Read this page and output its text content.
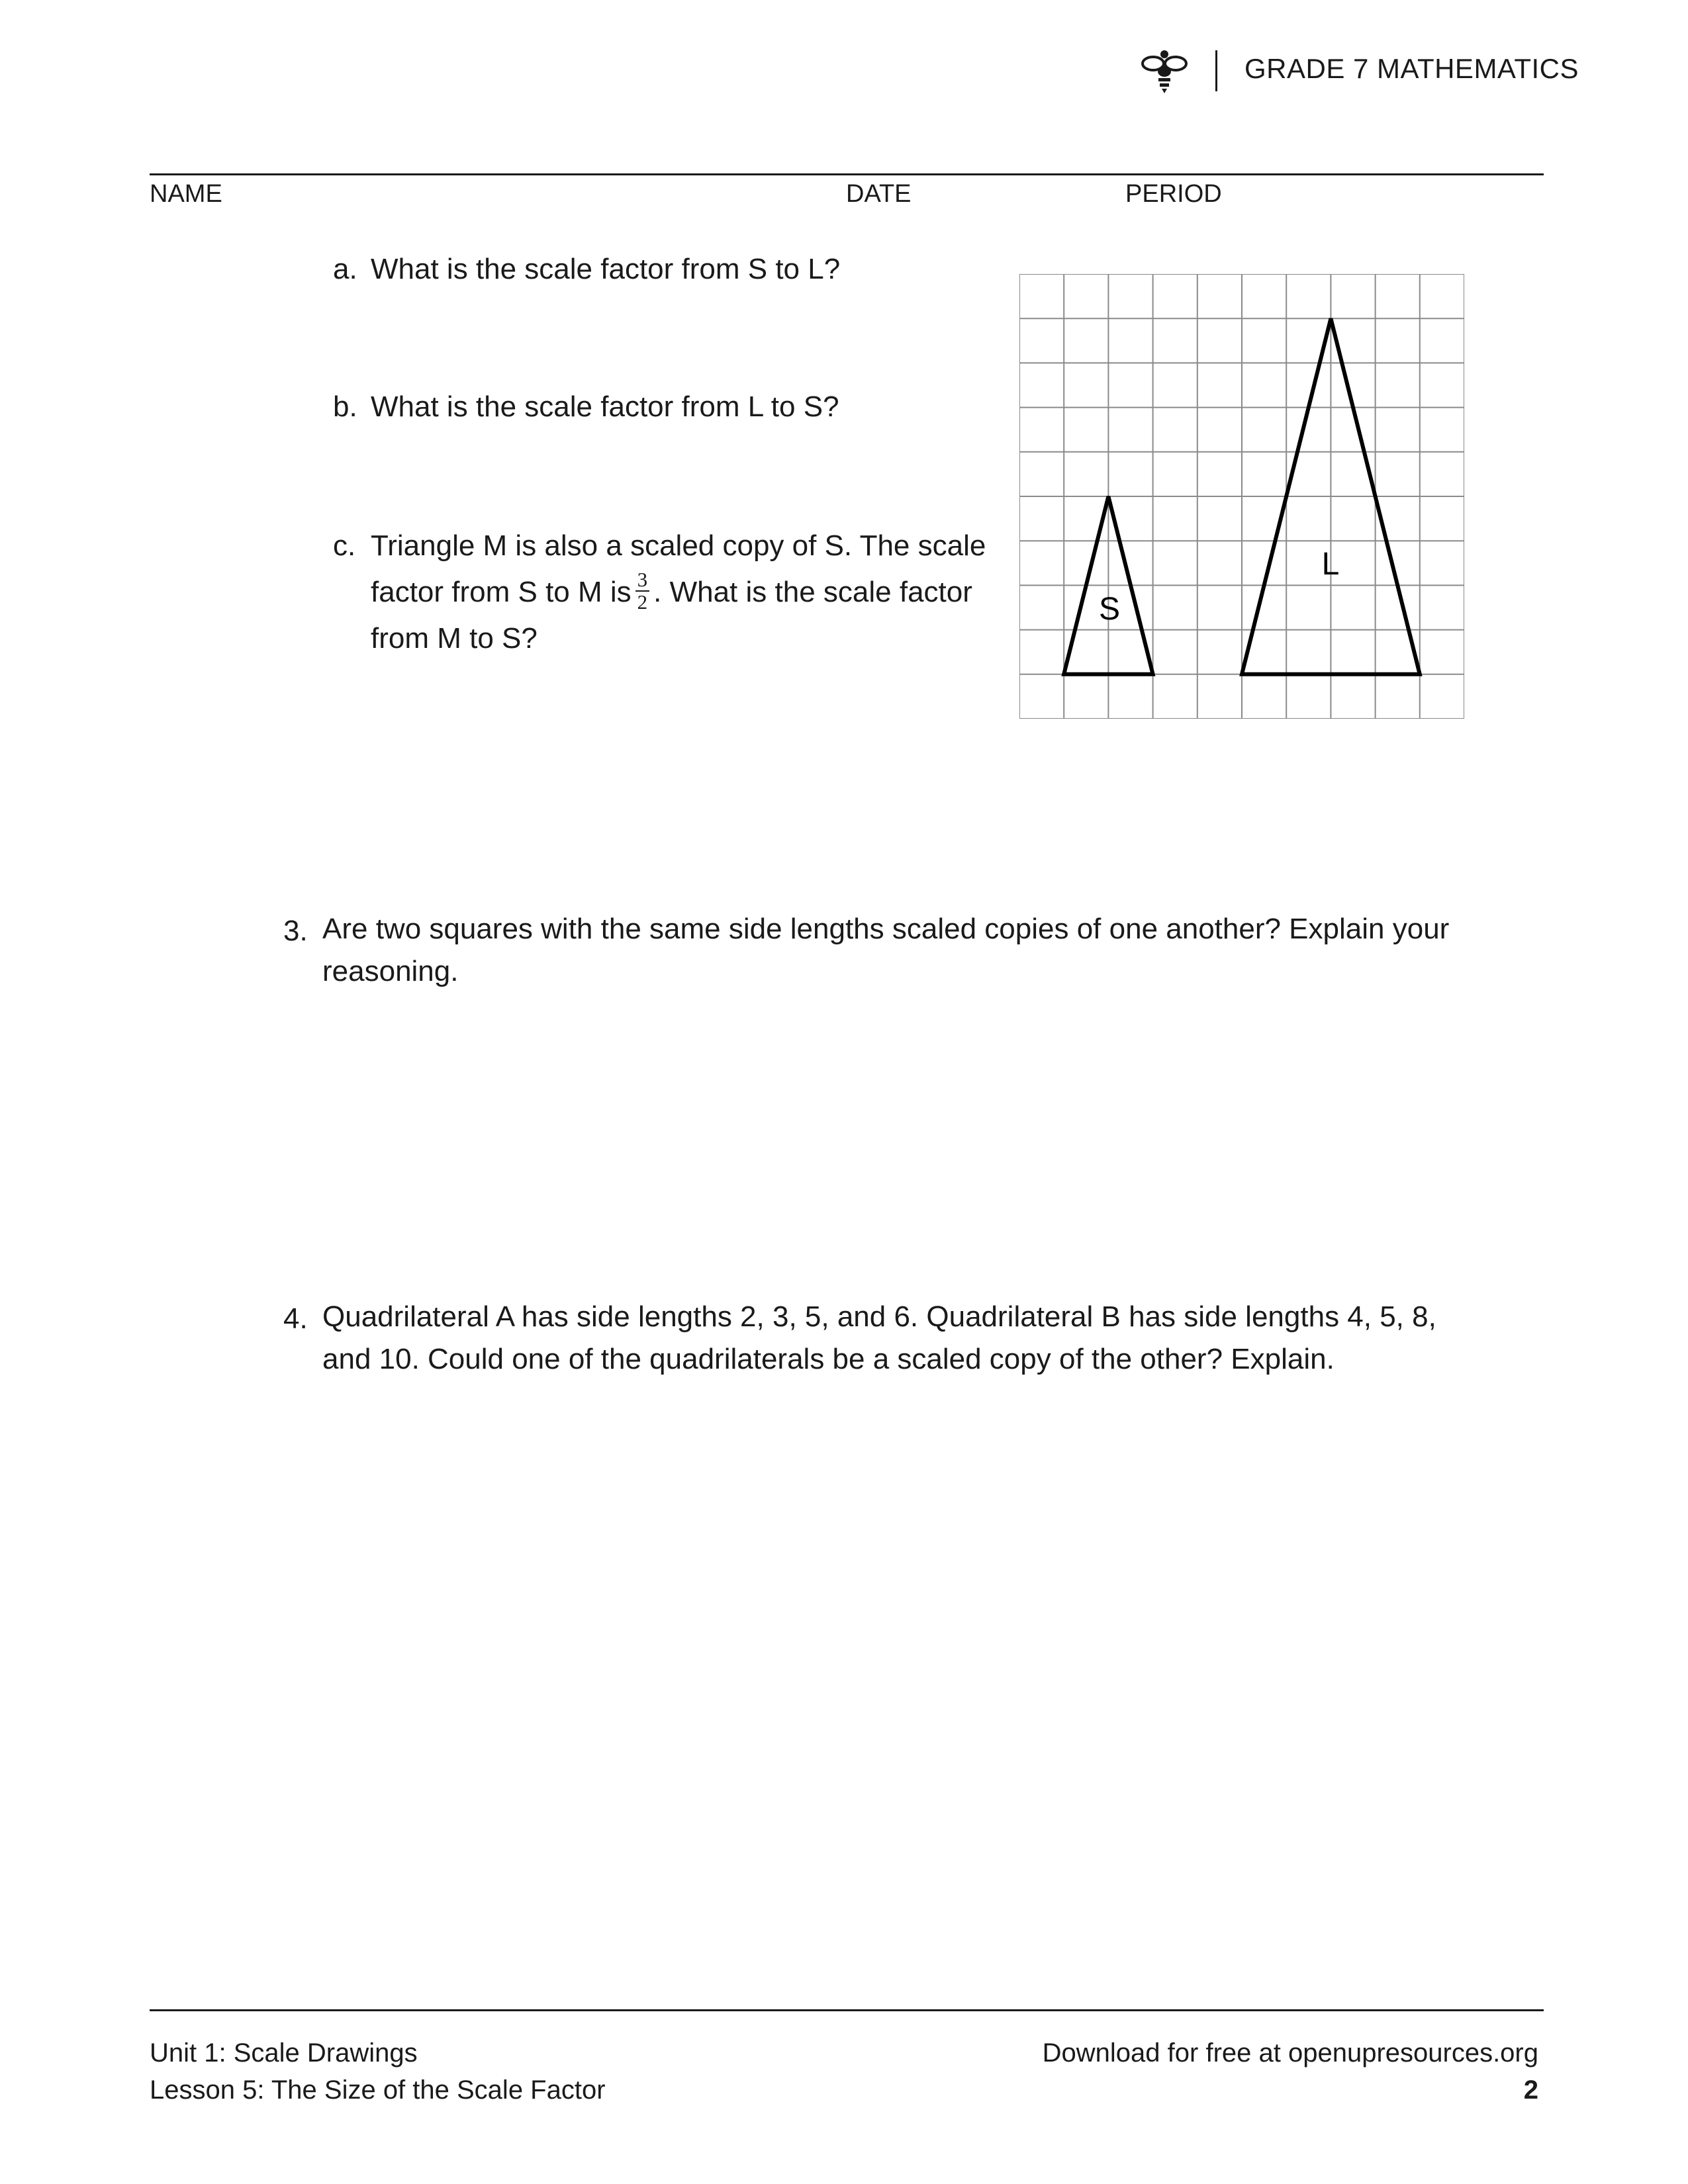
GRADE 7 MATHEMATICS
NAME	DATE	PERIOD
a. What is the scale factor from S to L?
b. What is the scale factor from L to S?
c. Triangle M is also a scaled copy of S. The scale
factor from S to M is $\frac{3}{2}$ . What is the scale factor
from M to S?
S
L
3. Are two squares with the same side lengths scaled copies of one another? Explain your
reasoning.
4. Quadrilateral A has side lengths 2, 3, 5, and 6. Quadrilateral B has side lengths 4, 5, 8,
and 10. Could one of the quadrilaterals be a scaled copy of the other? Explain.
Unit 1: Scale Drawings
Lesson 5: The Size of the Scale Factor
Download for free at openupresources.org
2
